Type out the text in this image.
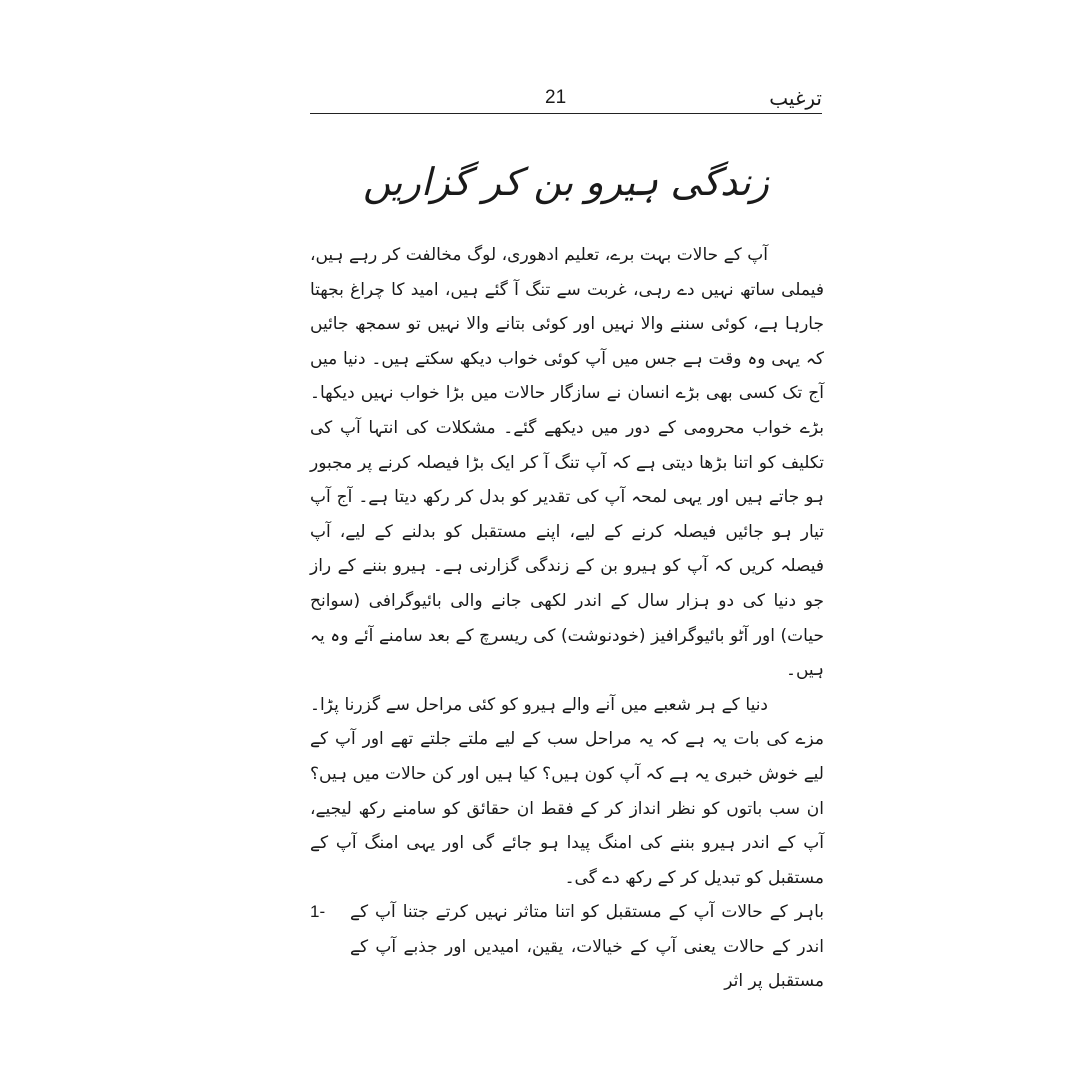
ترغیب
21
زندگی ہیرو بن کر گزاریں

آپ کے حالات بہت برے، تعلیم ادھوری، لوگ مخالفت کر رہے ہیں، فیملی ساتھ نہیں دے رہی، غربت سے تنگ آ گئے ہیں، امید کا چراغ بجھتا جارہا ہے، کوئی سننے والا نہیں اور کوئی بتانے والا نہیں تو سمجھ جائیں کہ یہی وہ وقت ہے جس میں آپ کوئی خواب دیکھ سکتے ہیں۔ دنیا میں آج تک کسی بھی بڑے انسان نے سازگار حالات میں بڑا خواب نہیں دیکھا۔ بڑے خواب محرومی کے دور میں دیکھے گئے۔ مشکلات کی انتہا آپ کی تکلیف کو اتنا بڑھا دیتی ہے کہ آپ تنگ آ کر ایک بڑا فیصلہ کرنے پر مجبور ہو جاتے ہیں اور یہی لمحہ آپ کی تقدیر کو بدل کر رکھ دیتا ہے۔ آج آپ تیار ہو جائیں فیصلہ کرنے کے لیے، اپنے مستقبل کو بدلنے کے لیے، آپ فیصلہ کریں کہ آپ کو ہیرو بن کے زندگی گزارنی ہے۔ ہیرو بننے کے راز جو دنیا کی دو ہزار سال کے اندر لکھی جانے والی بائیوگرافی (سوانح حیات) اور آٹو بائیوگرافیز (خودنوشت) کی ریسرچ کے بعد سامنے آئے وہ یہ ہیں۔

دنیا کے ہر شعبے میں آنے والے ہیرو کو کئی مراحل سے گزرنا پڑا۔ مزے کی بات یہ ہے کہ یہ مراحل سب کے لیے ملتے جلتے تھے اور آپ کے لیے خوش خبری یہ ہے کہ آپ کون ہیں؟ کیا ہیں اور کن حالات میں ہیں؟ ان سب باتوں کو نظر انداز کر کے فقط ان حقائق کو سامنے رکھ لیجیے، آپ کے اندر ہیرو بننے کی امنگ پیدا ہو جائے گی اور یہی امنگ آپ کے مستقبل کو تبدیل کر کے رکھ دے گی۔

باہر کے حالات آپ کے مستقبل کو اتنا متاثر نہیں کرتے جتنا آپ کے اندر کے حالات یعنی آپ کے خیالات، یقین، امیدیں اور جذبے آپ کے مستقبل پر اثر

1-
